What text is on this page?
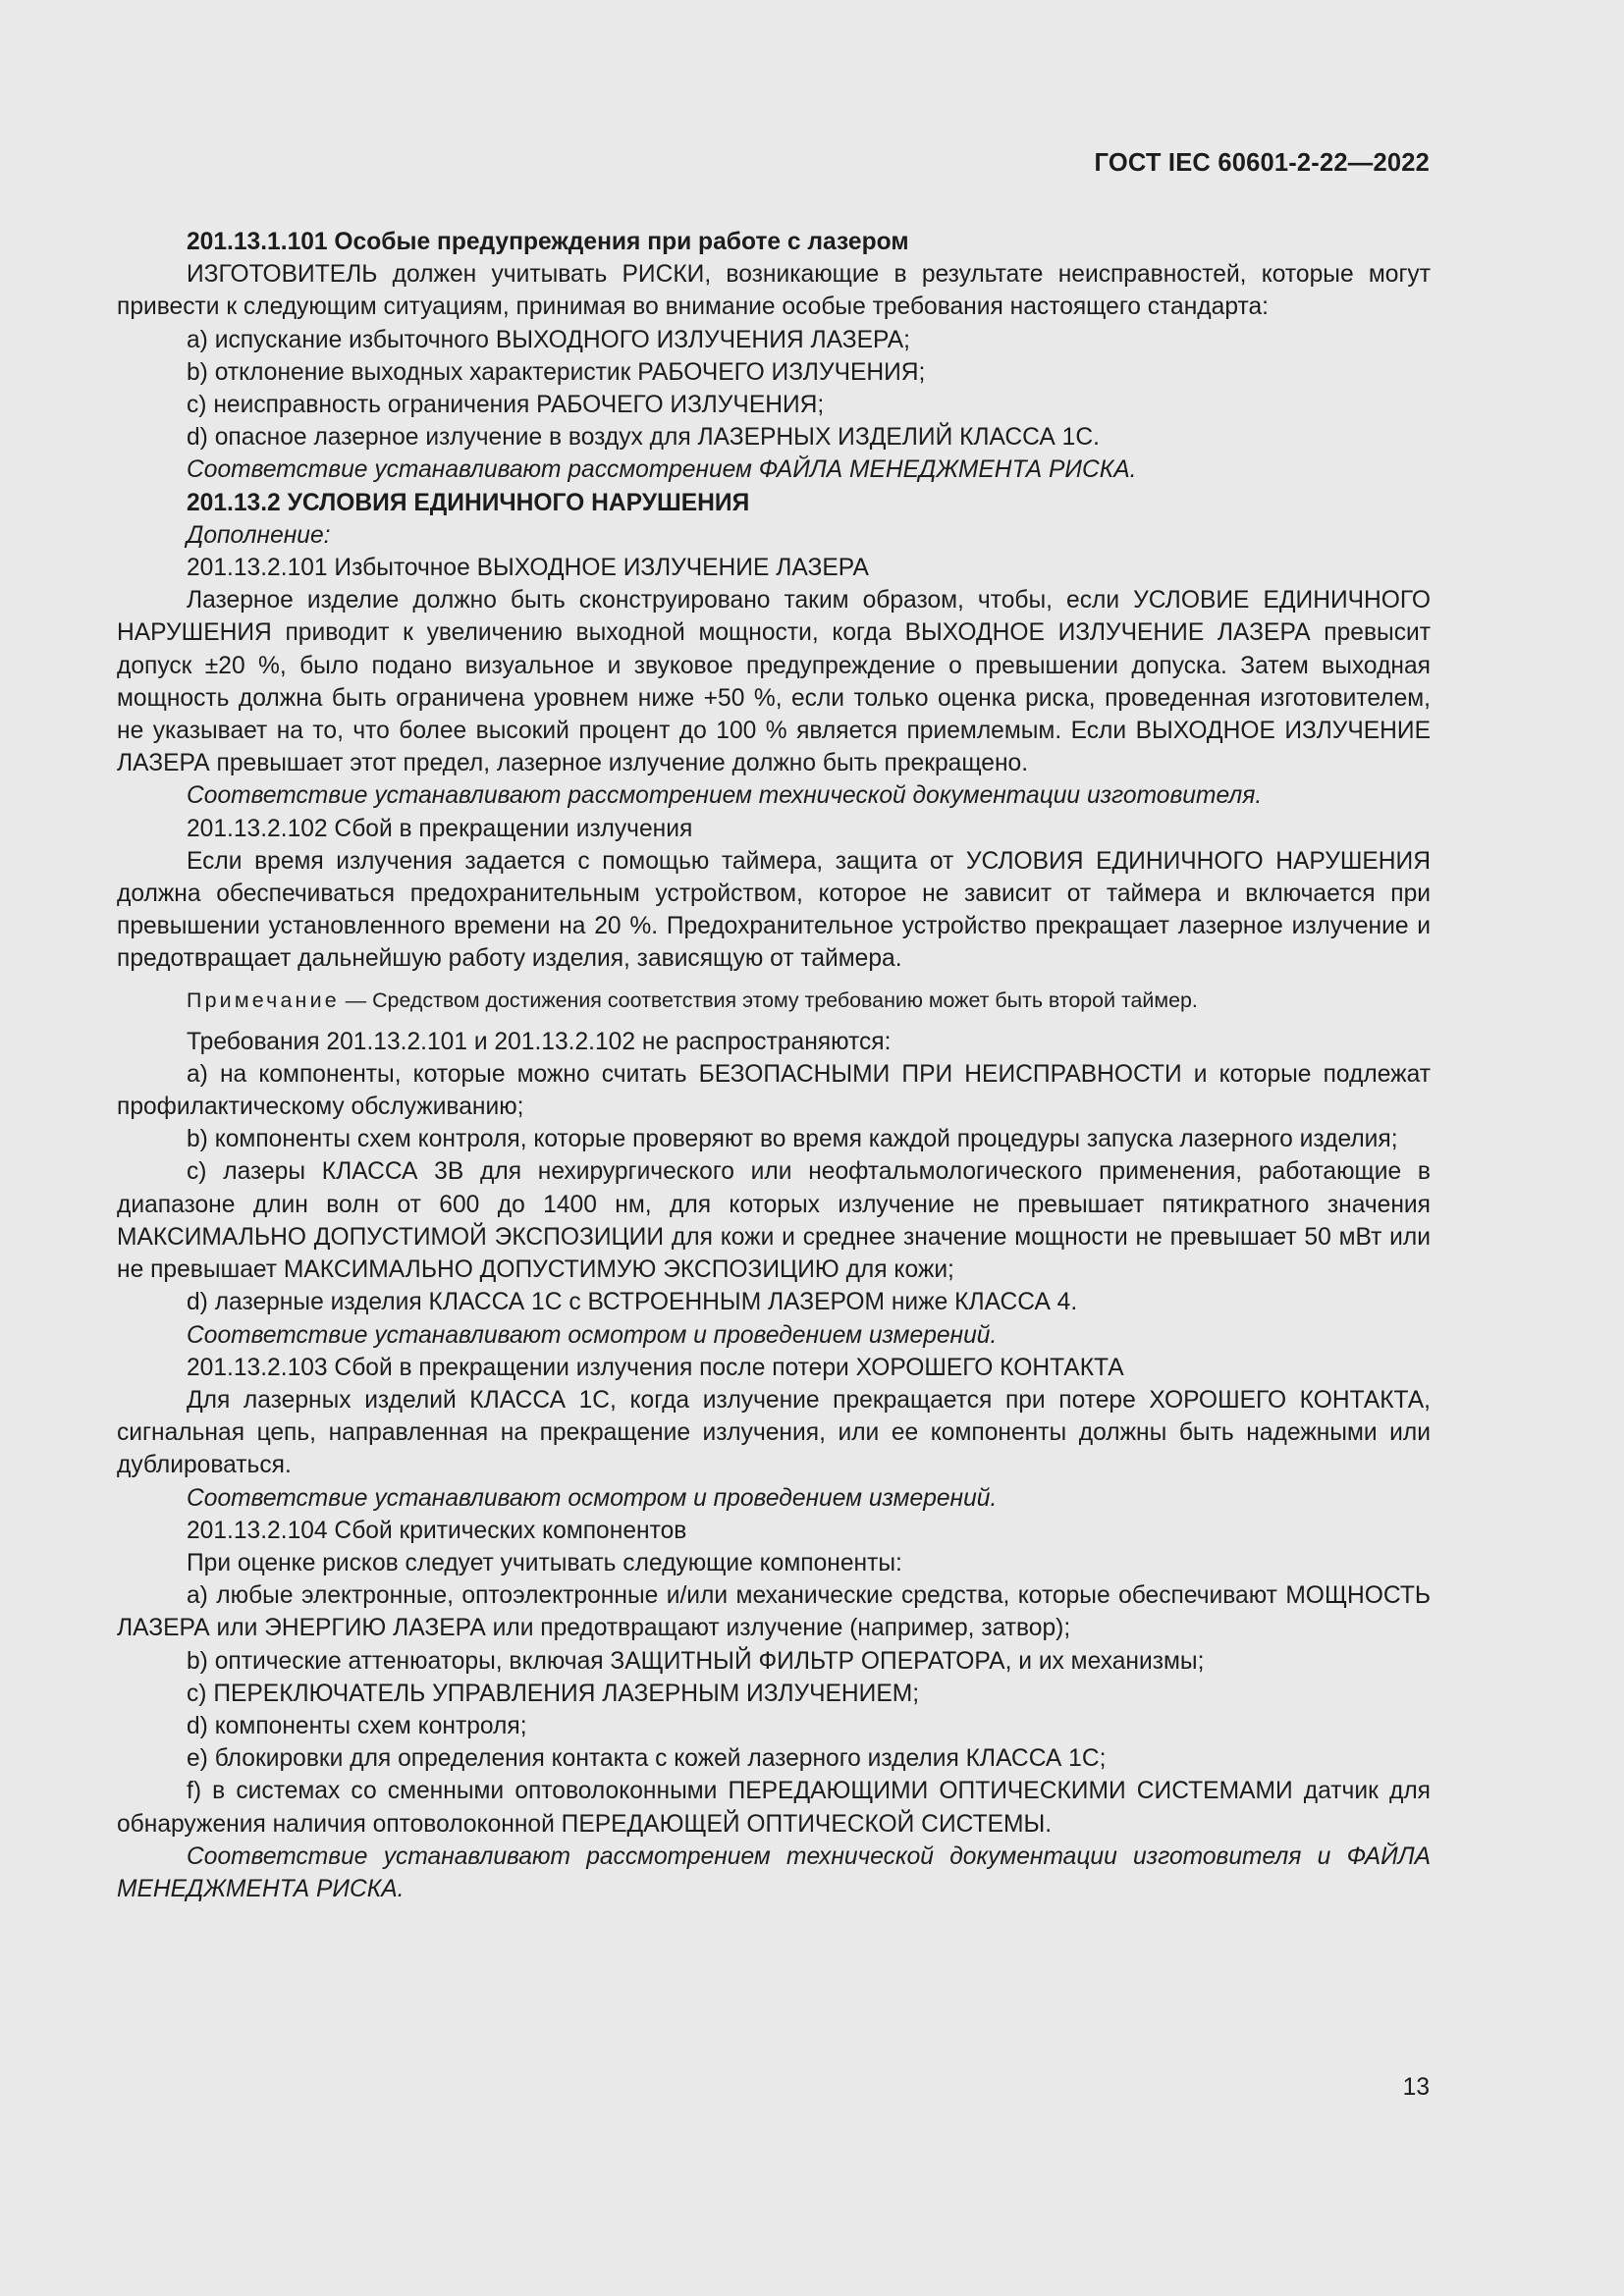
ГОСТ IEC 60601-2-22—2022

201.13.1.101 Особые предупреждения при работе с лазером

ИЗГОТОВИТЕЛЬ должен учитывать РИСКИ, возникающие в результате неисправностей, которые могут привести к следующим ситуациям, принимая во внимание особые требования настоящего стандарта:

a) испускание избыточного ВЫХОДНОГО ИЗЛУЧЕНИЯ ЛАЗЕРА;

b) отклонение выходных характеристик РАБОЧЕГО ИЗЛУЧЕНИЯ;

c) неисправность ограничения РАБОЧЕГО ИЗЛУЧЕНИЯ;

d) опасное лазерное излучение в воздух для ЛАЗЕРНЫХ ИЗДЕЛИЙ КЛАССА 1С.

Соответствие устанавливают рассмотрением ФАЙЛА МЕНЕДЖМЕНТА РИСКА.

201.13.2 УСЛОВИЯ ЕДИНИЧНОГО НАРУШЕНИЯ

Дополнение:

201.13.2.101 Избыточное ВЫХОДНОЕ ИЗЛУЧЕНИЕ ЛАЗЕРА

Лазерное изделие должно быть сконструировано таким образом, чтобы, если УСЛОВИЕ ЕДИНИЧНОГО НАРУШЕНИЯ приводит к увеличению выходной мощности, когда ВЫХОДНОЕ ИЗЛУЧЕНИЕ ЛАЗЕРА превысит допуск ±20 %, было подано визуальное и звуковое предупреждение о превышении допуска. Затем выходная мощность должна быть ограничена уровнем ниже +50 %, если только оценка риска, проведенная изготовителем, не указывает на то, что более высокий процент до 100 % является приемлемым. Если ВЫХОДНОЕ ИЗЛУЧЕНИЕ ЛАЗЕРА превышает этот предел, лазерное излучение должно быть прекращено.

Соответствие устанавливают рассмотрением технической документации изготовителя.

201.13.2.102 Сбой в прекращении излучения

Если время излучения задается с помощью таймера, защита от УСЛОВИЯ ЕДИНИЧНОГО НАРУШЕНИЯ должна обеспечиваться предохранительным устройством, которое не зависит от таймера и включается при превышении установленного времени на 20 %. Предохранительное устройство прекращает лазерное излучение и предотвращает дальнейшую работу изделия, зависящую от таймера.

Примечание — Средством достижения соответствия этому требованию может быть второй таймер.

Требования 201.13.2.101 и 201.13.2.102 не распространяются:

a) на компоненты, которые можно считать БЕЗОПАСНЫМИ ПРИ НЕИСПРАВНОСТИ и которые подлежат профилактическому обслуживанию;

b) компоненты схем контроля, которые проверяют во время каждой процедуры запуска лазерного изделия;

c) лазеры КЛАССА 3В для нехирургического или неофтальмологического применения, работающие в диапазоне длин волн от 600 до 1400 нм, для которых излучение не превышает пятикратного значения МАКСИМАЛЬНО ДОПУСТИМОЙ ЭКСПОЗИЦИИ для кожи и среднее значение мощности не превышает 50 мВт или не превышает МАКСИМАЛЬНО ДОПУСТИМУЮ ЭКСПОЗИЦИЮ для кожи;

d) лазерные изделия КЛАССА 1С с ВСТРОЕННЫМ ЛАЗЕРОМ ниже КЛАССА 4.

Соответствие устанавливают осмотром и проведением измерений.

201.13.2.103 Сбой в прекращении излучения после потери ХОРОШЕГО КОНТАКТА

Для лазерных изделий КЛАССА 1С, когда излучение прекращается при потере ХОРОШЕГО КОНТАКТА, сигнальная цепь, направленная на прекращение излучения, или ее компоненты должны быть надежными или дублироваться.

Соответствие устанавливают осмотром и проведением измерений.

201.13.2.104 Сбой критических компонентов

При оценке рисков следует учитывать следующие компоненты:

a) любые электронные, оптоэлектронные и/или механические средства, которые обеспечивают МОЩНОСТЬ ЛАЗЕРА или ЭНЕРГИЮ ЛАЗЕРА или предотвращают излучение (например, затвор);

b) оптические аттенюаторы, включая ЗАЩИТНЫЙ ФИЛЬТР ОПЕРАТОРА, и их механизмы;

c) ПЕРЕКЛЮЧАТЕЛЬ УПРАВЛЕНИЯ ЛАЗЕРНЫМ ИЗЛУЧЕНИЕМ;

d) компоненты схем контроля;

e) блокировки для определения контакта с кожей лазерного изделия КЛАССА 1С;

f) в системах со сменными оптоволоконными ПЕРЕДАЮЩИМИ ОПТИЧЕСКИМИ СИСТЕМАМИ датчик для обнаружения наличия оптоволоконной ПЕРЕДАЮЩЕЙ ОПТИЧЕСКОЙ СИСТЕМЫ.

Соответствие устанавливают рассмотрением технической документации изготовителя и ФАЙЛА МЕНЕДЖМЕНТА РИСКА.

13
